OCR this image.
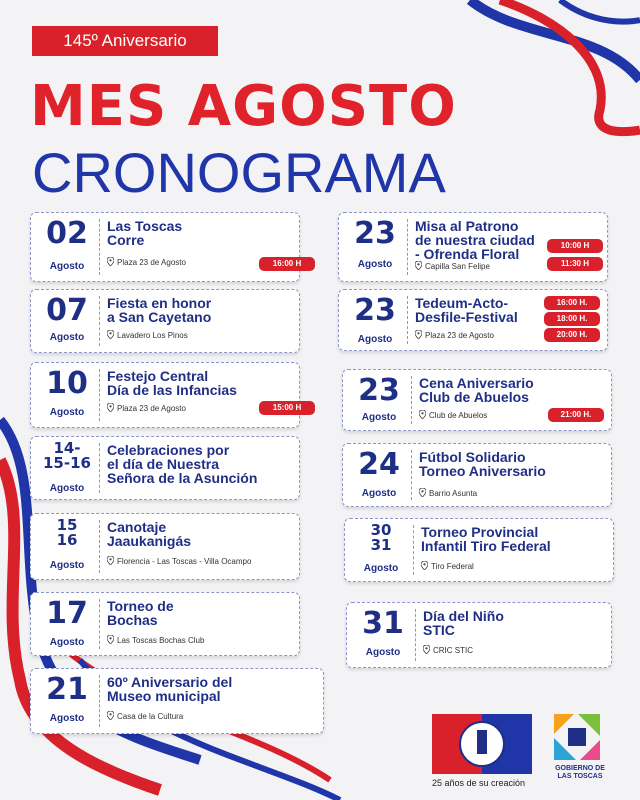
145º Aniversario
MES AGOSTO
CRONOGRAMA
02
Agosto
Las Toscas
Corre
Plaza 23 de Agosto	16:00 H
07
Agosto
Fiesta en honor
a San Cayetano
Lavadero Los Pinos
10
Agosto
Festejo Central
Día de las Infancias
Plaza 23 de Agosto	15:00 H
14-
15-16
Agosto
Celebraciones por
el día de Nuestra
Señora de la Asunción
15
16
Agosto
Canotaje
Jaaukanigás
Florencia - Las Toscas - Villa Ocampo
17
Agosto
Torneo de
Bochas
Las Toscas Bochas Club
21
Agosto
60º Aniversario del
Museo municipal
Casa de la Cultura
23
Agosto
Misa al Patrono
de nuestra ciudad
- Ofrenda Floral
Capilla San Felipe
10:00 H
11:30 H
23
Agosto
Tedeum-Acto-
Desfile-Festival
Plaza 23 de Agosto
16:00 H.
18:00 H.
20:00 H.
23
Agosto
Cena Aniversario
Club de Abuelos
Club de Abuelos	21:00 H.
24
Agosto
Fútbol Solidario
Torneo Aniversario
Barrio Asunta
30
31
Agosto
Torneo Provincial
Infantil Tiro Federal
Tiro Federal
31
Agosto
Día del Niño
STIC
CRIC STIC
25 años de su creación
GOBIERNO DE
LAS TOSCAS
